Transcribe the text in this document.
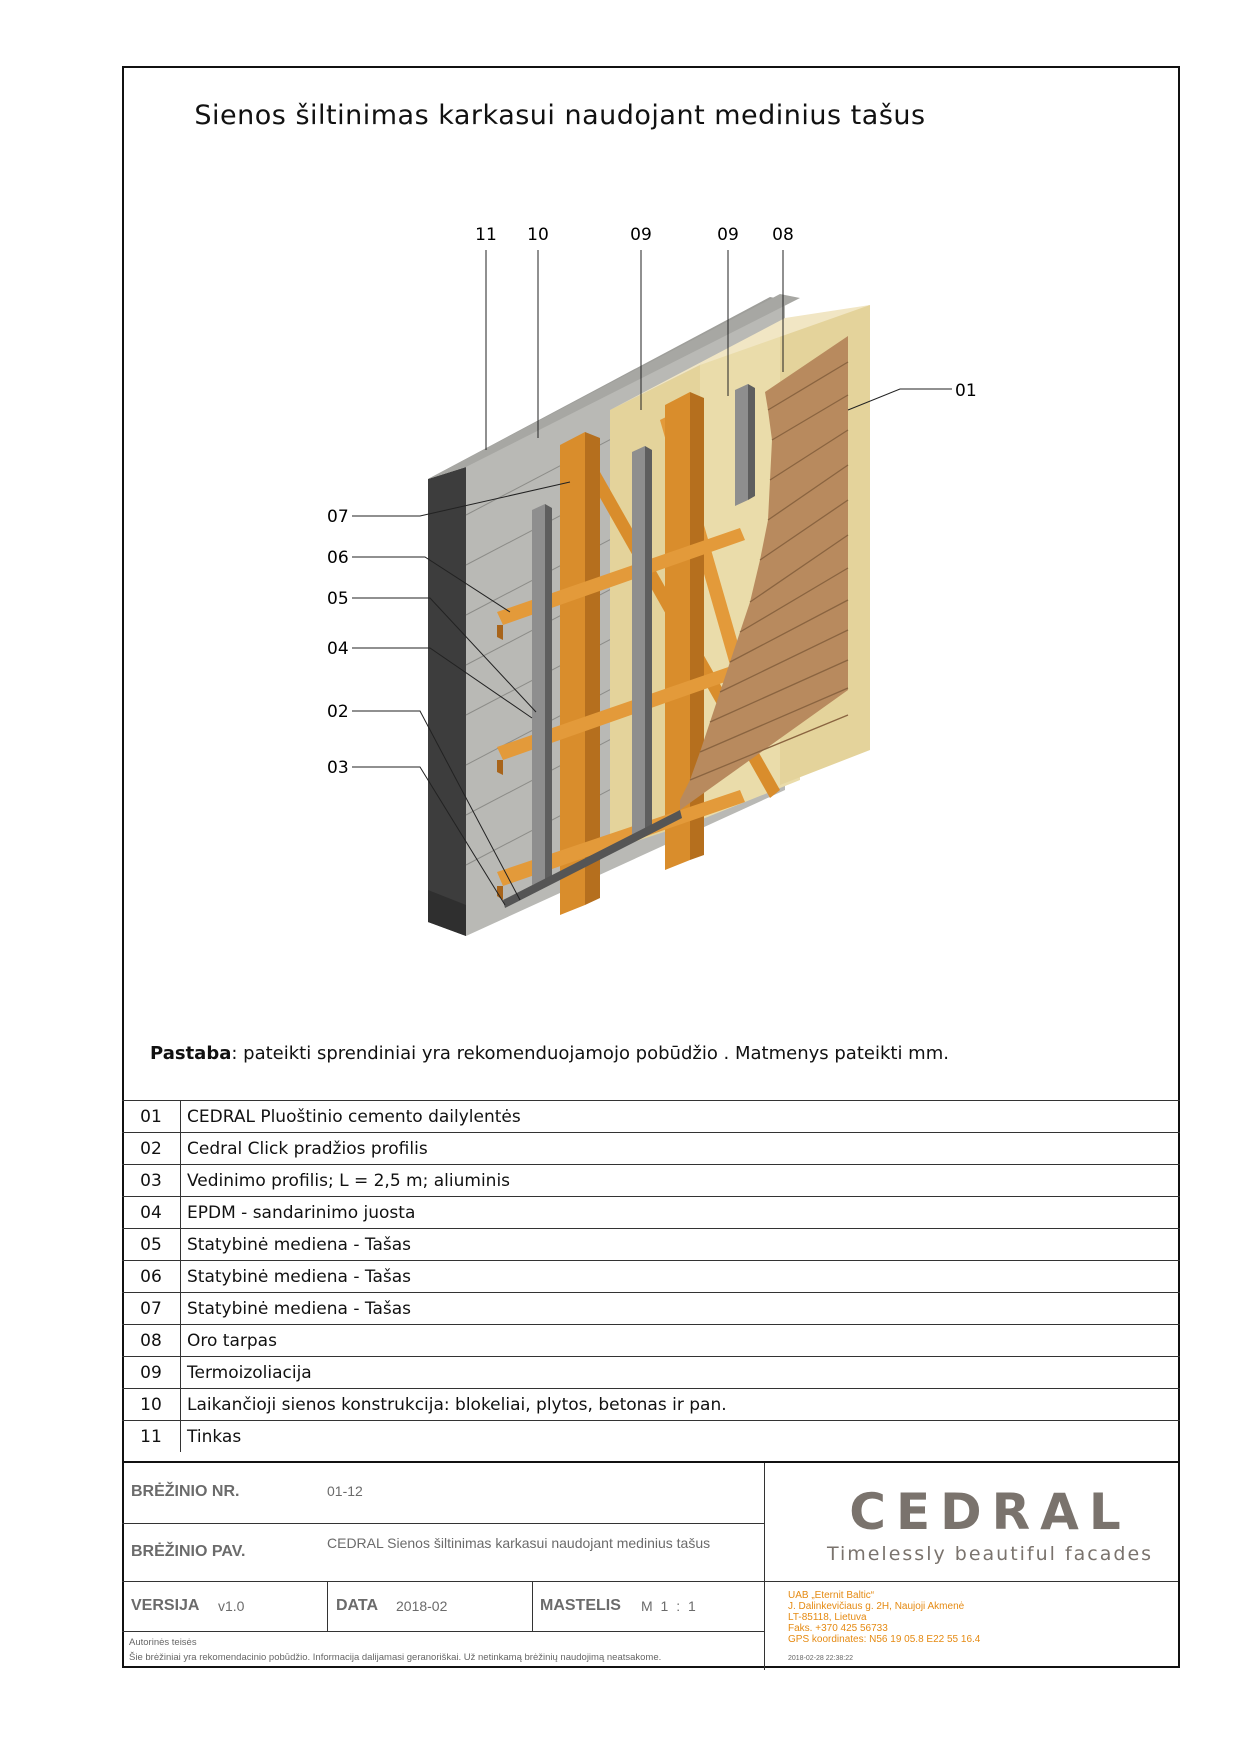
Sienos šiltinimas karkasui naudojant medinius tašus
11 10	09	09 08
01
07
06
05
04
02
03
Pastaba: pateikti sprendiniai yra rekomenduojamojo pobūdžio . Matmenys pateikti mm.
01	CEDRAL Pluoštinio cemento dailylentės
02	Cedral Click pradžios profilis
03	Vedinimo profilis; L = 2,5 m; aliuminis
04	EPDM - sandarinimo juosta
05	Statybinė mediena - Tašas
06	Statybinė mediena - Tašas
07	Statybinė mediena - Tašas
08	Oro tarpas
09	Termoizoliacija
10	Laikančioji sienos konstrukcija: blokeliai, plytos, betonas ir pan.
11	Tinkas
BRĖŽINIO NR.	01-12
BRĖŽINIO PAV.	CEDRAL Sienos šiltinimas karkasui naudojant medinius tašus
VERSIJA v1.0	DATA 2018-02	MASTELIS M 1 : 1
Autorinės teisės
Šie brėžiniai yra rekomendacinio pobūdžio. Informacija dalijamasi geranoriškai. Už netinkamą brėžinių naudojimą neatsakome.
CEDRAL
Timelessly beautiful facades
UAB „Eternit Baltic“
J. Dalinkevičiaus g. 2H, Naujoji Akmenė
LT-85118, Lietuva
Faks. +370 425 56733
GPS koordinates: N56 19 05.8 E22 55 16.4
2018-02-28 22:38:22
